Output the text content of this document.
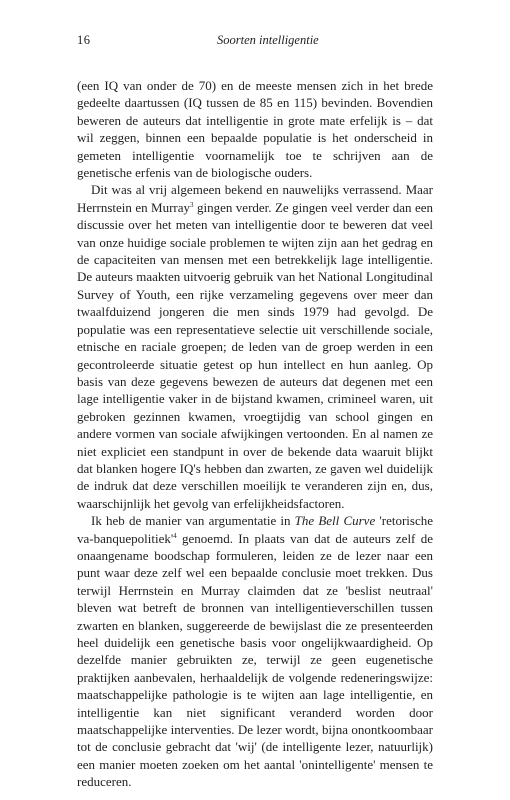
16	Soorten intelligentie

(een IQ van onder de 70) en de meeste mensen zich in het brede gedeelte daartussen (IQ tussen de 85 en 115) bevinden. Bovendien beweren de auteurs dat intelligentie in grote mate erfelijk is – dat wil zeggen, binnen een bepaalde populatie is het onderscheid in gemeten intelligentie voornamelijk toe te schrijven aan de genetische erfenis van de biologische ouders.

Dit was al vrij algemeen bekend en nauwelijks verrassend. Maar Herrnstein en Murray$^3$ gingen verder. Ze gingen veel verder dan een discussie over het meten van intelligentie door te beweren dat veel van onze huidige sociale problemen te wijten zijn aan het gedrag en de capaciteiten van mensen met een betrekkelijk lage intelligentie. De auteurs maakten uitvoerig gebruik van het National Longitudinal Survey of Youth, een rijke verzameling gegevens over meer dan twaalfduizend jongeren die men sinds 1979 had gevolgd. De populatie was een representatieve selectie uit verschillende sociale, etnische en raciale groepen; de leden van de groep werden in een gecontroleerde situatie getest op hun intellect en hun aanleg. Op basis van deze gegevens bewezen de auteurs dat degenen met een lage intelligentie vaker in de bijstand kwamen, crimineel waren, uit gebroken gezinnen kwamen, vroegtijdig van school gingen en andere vormen van sociale afwijkingen vertoonden. En al namen ze niet expliciet een standpunt in over de bekende data waaruit blijkt dat blanken hogere IQ's hebben dan zwarten, ze gaven wel duidelijk de indruk dat deze verschillen moeilijk te veranderen zijn en, dus, waarschijnlijk het gevolg van erfelijkheidsfactoren.

Ik heb de manier van argumentatie in The Bell Curve 'retorische $va-banquepolitiek'^4$ genoemd. In plaats van dat de auteurs zelf de onaangename boodschap formuleren, leiden ze de lezer naar een punt waar deze zelf wel een bepaalde conclusie moet trekken. Dus terwijl Herrnstein en Murray claimden dat ze 'beslist neutraal' bleven wat betreft de bronnen van intelligentieverschillen tussen zwarten en blanken, suggereerde de bewijslast die ze presenteerden heel duidelijk een genetische basis voor ongelijkwaardigheid. Op dezelfde manier gebruikten ze, terwijl ze geen eugenetische praktijken aanbevalen, herhaaldelijk de volgende redeneringswijze: maatschappelijke pathologie is te wijten aan lage intelligentie, en intelligentie kan niet significant veranderd worden door maatschappelijke interventies. De lezer wordt, bijna onontkoombaar tot de conclusie gebracht dat 'wij' (de intelligente lezer, natuurlijk) een manier moeten zoeken om het aantal 'onintelligente' mensen te reduceren.
